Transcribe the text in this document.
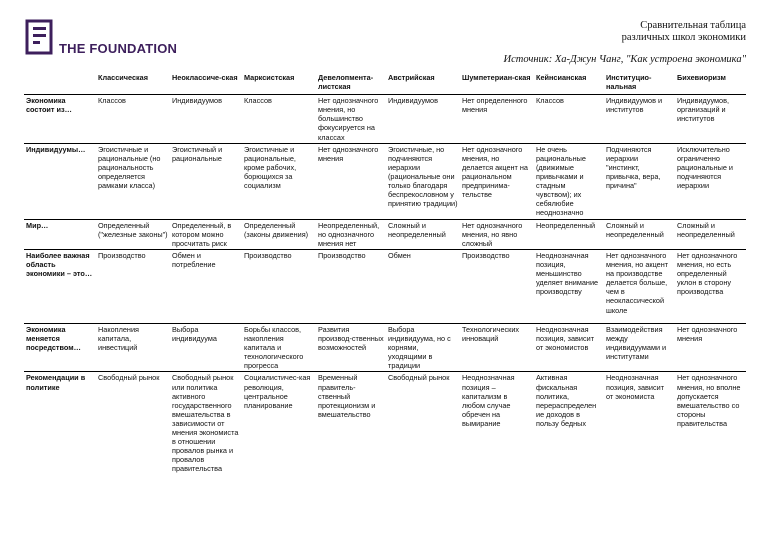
THE FOUNDATION
Сравнительная таблица
различных школ экономики
Источник: Ха-Джун Чанг, "Как устроена экономика"
	Классическая	Неоклассиче-ская	Марксистская	Девелопмента-листская	Австрийская	Шумпетериан-ская	Кейнсианская	Институцио-нальная	Бихевиоризм
Экономика состоит из…	Классов	Индивидуумов	Классов	Нет однозначного мнения, но большинство фокусируется на классах	Индивидуумов	Нет определенного мнения	Классов	Индивидуумов и институтов	Индивидуумов, организаций и институтов
Индивидуумы…	Эгоистичные и рациональные (но рациональность определяется рамками класса)	Эгоистичный и рациональные	Эгоистичные и рациональные, кроме рабочих, борющихся за социализм	Нет однозначного мнения	Эгоистичные, но подчиняются иерархии (рациональные они только благодаря беспрекословном у принятию традиции)	Нет однозначного мнения, но делается акцент на рациональном предпринима-тельстве	Не очень рациональные (движимые привычками и стадным чувством); их себялюбие неоднозначно	Подчиняются иерархии "инстинкт, привычка, вера, причина"	Исключительно ограниченно рациональные и подчиняются иерархии
Мир…	Определенный ("железные законы")	Определенный, в котором можно просчитать риск	Определенный (законы движения)	Неопределенный, но однозначного мнения нет	Сложный и неопределенный	Нет однозначного мнения, но явно сложный	Неопределенный	Сложный и неопределенный	Сложный и неопределенный
Наиболее важная область экономики – это…	Производство	Обмен и потребление	Производство	Производство	Обмен	Производство	Неоднозначная позиция, меньшинство уделяет внимание производству	Нет однозначного мнения, но акцент на производстве делается больше, чем в неоклассической школе	Нет однозначного мнения, но есть определенный уклон в сторону производства
Экономика меняется посредством…	Накопления капитала, инвестиций	Выбора индивидуума	Борьбы классов, накопления капитала и технологического прогресса	Развития производ-ственных возможностей	Выбора индивидуума, но с корнями, уходящими в традиции	Технологических инноваций	Неоднозначная позиция, зависит от экономистов	Взаимодействия между индивидуумами и институтами	Нет однозначного мнения
Рекомендации в политике	Свободный рынок	Свободный рынок или политика активного государственного вмешательства в зависимости от мнения экономиста в отношении провалов рынка и провалов правительства	Социалистичес-кая революция, центральное планирование	Временный правитель-ственный протекционизм и вмешательство	Свободный рынок	Неоднозначная позиция – капитализм в любом случае обречен на вымирание	Активная фискальная политика, перераспределен ие доходов в пользу бедных	Неоднозначная позиция, зависит от экономиста	Нет однозначного мнения, но вполне допускается вмешательство со стороны правительства
